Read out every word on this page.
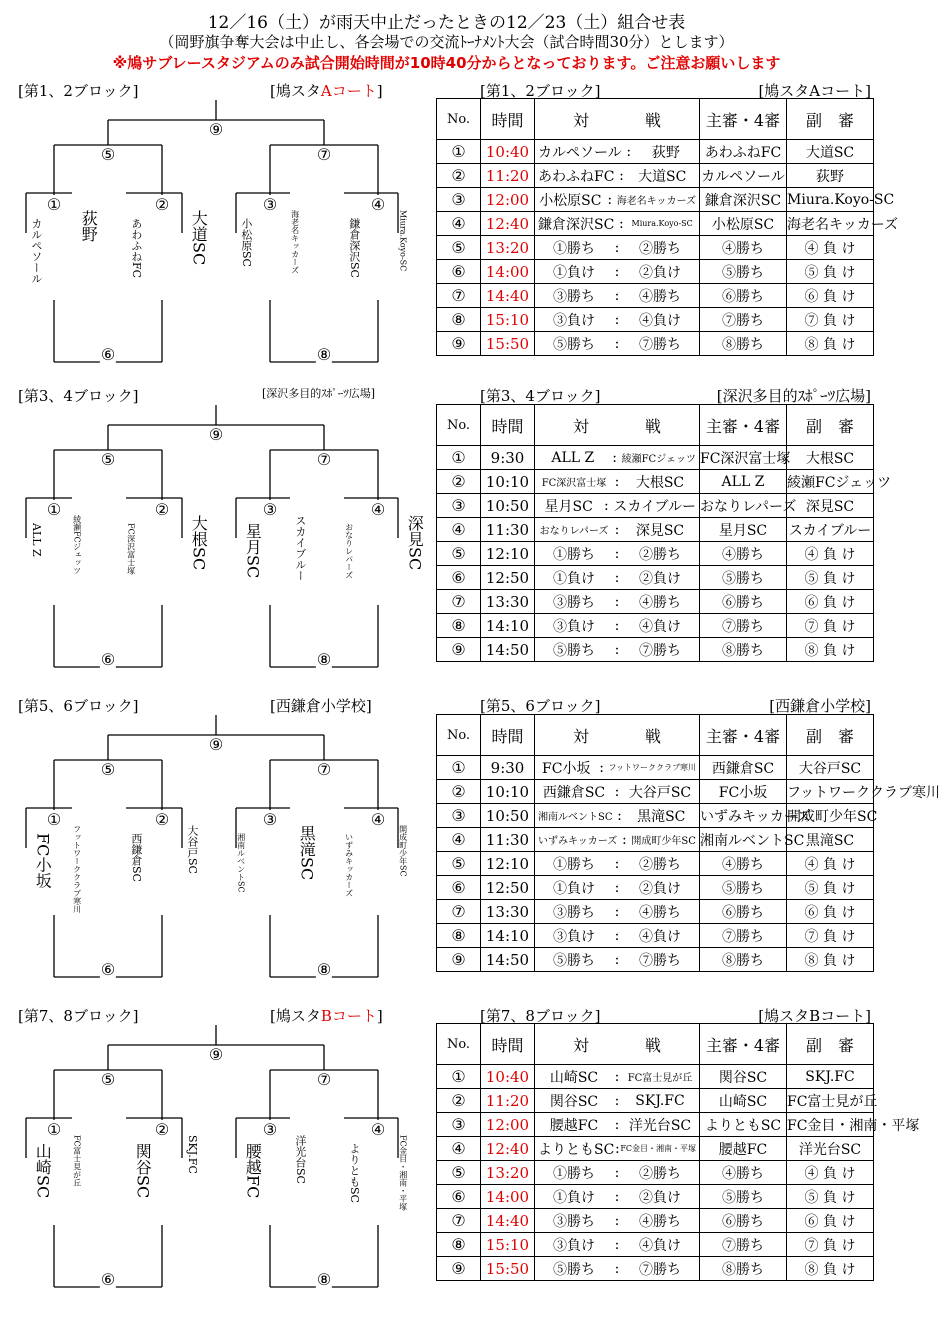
12／16（土）が雨天中止だったときの12／23（土）組合せ表
（岡野旗争奪大会は中止し、各会場での交流ﾄｰﾅﾒﾝﾄ大会（試合時間30分）とします）
※鳩サブレースタジアムのみ試合開始時間が10時40分からとなっております。ご注意お願いします
[第1、2ブロック]	[鳩スタAコート]
⑨
⑤	⑦
①	②	③	④
⑥	⑧
カルペソール 荻野	あわふねFC	大道SC	小松原SC	海老名キッカーズ	鎌倉深沢SC	Miura.Koyo-SC
[第1、2ブロック]	[鳩スタAコート]
No.	時間	対 戦	主審・4審	副　審
①	10:40	カルペソール : 荻野	あわふねFC	大道SC
②	11:20	あわふねFC : 大道SC	カルペソール	荻野
③	12:00	小松原SC : 海老名キッカーズ	鎌倉深沢SC	Miura.Koyo-SC
④	12:40	鎌倉深沢SC : Miura.Koyo-SC	小松原SC	海老名キッカーズ
⑤	13:20	①勝ち : ②勝ち	④勝ち	④ 負 け
⑥	14:00	①負け : ②負け	⑤勝ち	⑤ 負 け
⑦	14:40	③勝ち : ④勝ち	⑥勝ち	⑥ 負 け
⑧	15:10	③負け : ④負け	⑦勝ち	⑦ 負 け
⑨	15:50	⑤勝ち : ⑦勝ち	⑧勝ち	⑧ 負 け
[第3、4ブロック]	[深沢多目的ｽﾎﾟｰﾂ広場]
⑨
⑤	⑦
①	②	③	④
⑥	⑧
ALL Z	綾瀬FCジェッツ	FC深沢富士塚	大根SC 星月SC	スカイブルー	おなりレパーズ	深見SC
[第3、4ブロック]	[深沢多目的ｽﾎﾟｰﾂ広場]
No.	時間	対 戦	主審・4審	副　審
①	9:30	ALL Z : 綾瀬FCジェッツ	FC深沢富士塚	大根SC
②	10:10	FC深沢富士塚 : 大根SC	ALL Z	綾瀬FCジェッツ
③	10:50	星月SC : スカイブルー	おなりレパーズ	深見SC
④	11:30	おなりレパーズ : 深見SC	星月SC	スカイブルー
⑤	12:10	①勝ち : ②勝ち	④勝ち	④ 負 け
⑥	12:50	①負け : ②負け	⑤勝ち	⑤ 負 け
⑦	13:30	③勝ち : ④勝ち	⑥勝ち	⑥ 負 け
⑧	14:10	③負け : ④負け	⑦勝ち	⑦ 負 け
⑨	14:50	⑤勝ち : ⑦勝ち	⑧勝ち	⑧ 負 け
[第5、6ブロック]	[西鎌倉小学校]
⑨
⑤	⑦
①	②	③	④
⑥	⑧
FC小坂	フットワーククラブ寒川	西鎌倉SC	大谷戸SC	湘南ルベントSC	黒滝SC	いずみキッカーズ	開成町少年SC
[第5、6ブロック]	[西鎌倉小学校]
No.	時間	対 戦	主審・4審	副　審
①	9:30	FC小坂 : フットワーククラブ寒川	西鎌倉SC	大谷戸SC
②	10:10	西鎌倉SC : 大谷戸SC	FC小坂	フットワーククラブ寒川
③	10:50	湘南ルベントSC : 黒滝SC	いずみキッカーズ	開成町少年SC
④	11:30	いずみキッカーズ : 開成町少年SC	湘南ルベントSC	黒滝SC
⑤	12:10	①勝ち : ②勝ち	④勝ち	④ 負 け
⑥	12:50	①負け : ②負け	⑤勝ち	⑤ 負 け
⑦	13:30	③勝ち : ④勝ち	⑥勝ち	⑥ 負 け
⑧	14:10	③負け : ④負け	⑦勝ち	⑦ 負 け
⑨	14:50	⑤勝ち : ⑦勝ち	⑧勝ち	⑧ 負 け
[第7、8ブロック]	[鳩スタBコート]
⑨
⑤	⑦
①	②	③	④
⑥	⑧
山崎SC	FC富士見が丘	関谷SC	SKJ.FC	腰越FC	洋光台SC	よりともSC	FC金目・湘南・平塚
[第7、8ブロック]	[鳩スタBコート]
No.	時間	対 戦	主審・4審	副　審
①	10:40	山崎SC : FC富士見が丘	関谷SC	SKJ.FC
②	11:20	関谷SC : SKJ.FC	山崎SC	FC富士見が丘
③	12:00	腰越FC : 洋光台SC	よりともSC	FC金目・湘南・平塚
④	12:40	よりともSC : FC金目・湘南・平塚	腰越FC	洋光台SC
⑤	13:20	①勝ち : ②勝ち	④勝ち	④ 負 け
⑥	14:00	①負け : ②負け	⑤勝ち	⑤ 負 け
⑦	14:40	③勝ち : ④勝ち	⑥勝ち	⑥ 負 け
⑧	15:10	③負け : ④負け	⑦勝ち	⑦ 負 け
⑨	15:50	⑤勝ち : ⑦勝ち	⑧勝ち	⑧ 負 け
